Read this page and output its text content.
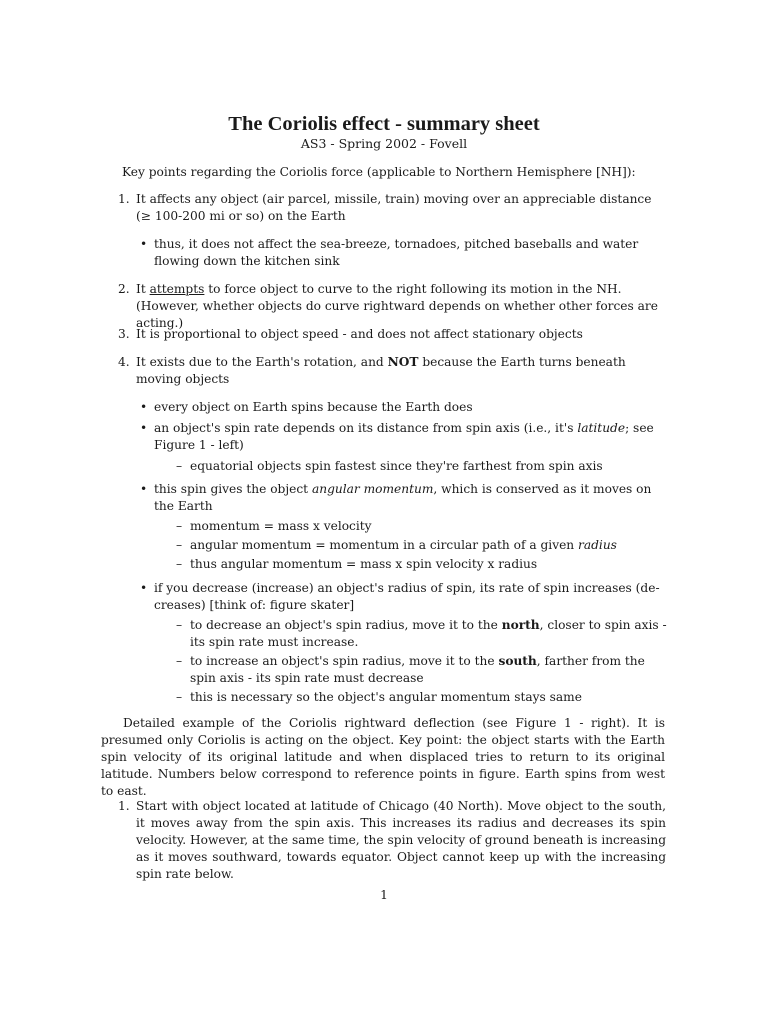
The Coriolis effect - summary sheet
AS3 - Spring 2002 - Fovell
Key points regarding the Coriolis force (applicable to Northern Hemisphere [NH]):
1. It affects any object (air parcel, missile, train) moving over an appreciable distance (≥ 100-200 mi or so) on the Earth
• thus, it does not affect the sea-breeze, tornadoes, pitched baseballs and water flowing down the kitchen sink
2. It attempts to force object to curve to the right following its motion in the NH. (However, whether objects do curve rightward depends on whether other forces are acting.)
3. It is proportional to object speed - and does not affect stationary objects
4. It exists due to the Earth's rotation, and NOT because the Earth turns beneath moving objects
• every object on Earth spins because the Earth does
• an object's spin rate depends on its distance from spin axis (i.e., it's latitude; see Figure 1 - left)
– equatorial objects spin fastest since they're farthest from spin axis
• this spin gives the object angular momentum, which is conserved as it moves on the Earth
– momentum = mass x velocity
– angular momentum = momentum in a circular path of a given radius
– thus angular momentum = mass x spin velocity x radius
• if you decrease (increase) an object's radius of spin, its rate of spin increases (de-creases) [think of: figure skater]
– to decrease an object's spin radius, move it to the north, closer to spin axis - its spin rate must increase.
– to increase an object's spin radius, move it to the south, farther from the spin axis - its spin rate must decrease
– this is necessary so the object's angular momentum stays same
Detailed example of the Coriolis rightward deflection (see Figure 1 - right). It is presumed only Coriolis is acting on the object. Key point: the object starts with the Earth spin velocity of its original latitude and when displaced tries to return to its original latitude. Numbers below correspond to reference points in figure. Earth spins from west to east.
1. Start with object located at latitude of Chicago (40 North). Move object to the south, it moves away from the spin axis. This increases its radius and decreases its spin velocity. However, at the same time, the spin velocity of ground beneath is increasing as it moves southward, towards equator. Object cannot keep up with the increasing spin rate below.
1
